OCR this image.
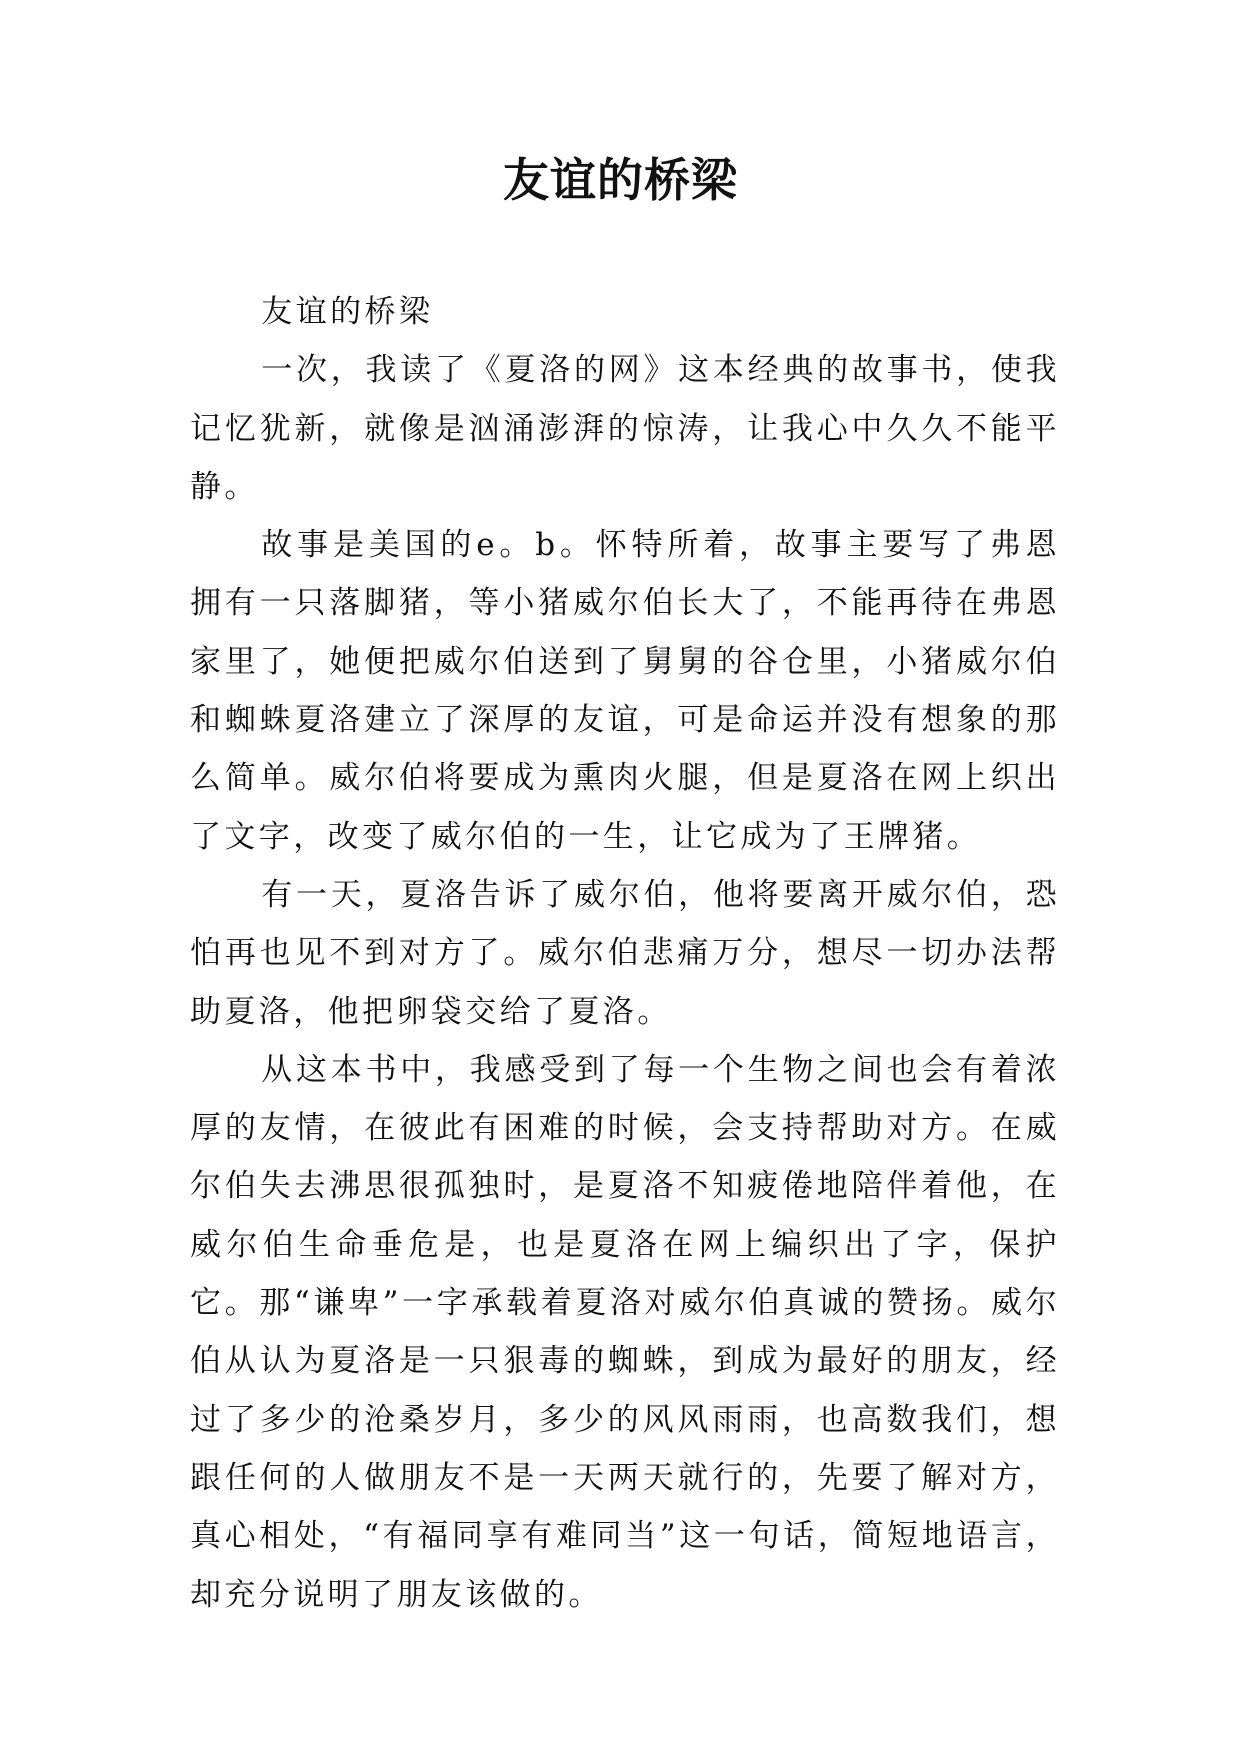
友谊的桥梁

友谊的桥梁

一次，我读了《夏洛的网》这本经典的故事书，使我记忆犹新，就像是汹涌澎湃的惊涛，让我心中久久不能平静。

故事是美国的e。b。怀特所着，故事主要写了弗恩拥有一只落脚猪，等小猪威尔伯长大了，不能再待在弗恩家里了，她便把威尔伯送到了舅舅的谷仓里，小猪威尔伯和蜘蛛夏洛建立了深厚的友谊，可是命运并没有想象的那么简单。威尔伯将要成为熏肉火腿，但是夏洛在网上织出了文字，改变了威尔伯的一生，让它成为了王牌猪。

有一天，夏洛告诉了威尔伯，他将要离开威尔伯，恐怕再也见不到对方了。威尔伯悲痛万分，想尽一切办法帮助夏洛，他把卵袋交给了夏洛。

从这本书中，我感受到了每一个生物之间也会有着浓厚的友情，在彼此有困难的时候，会支持帮助对方。在威尔伯失去沸思很孤独时，是夏洛不知疲倦地陪伴着他，在威尔伯生命垂危是，也是夏洛在网上编织出了字，保护它。那“谦卑”一字承载着夏洛对威尔伯真诚的赞扬。威尔伯从认为夏洛是一只狠毒的蜘蛛，到成为最好的朋友，经过了多少的沧桑岁月，多少的风风雨雨，也高数我们，想跟任何的人做朋友不是一天两天就行的，先要了解对方，真心相处，“有福同享有难同当”这一句话，简短地语言，却充分说明了朋友该做的。
